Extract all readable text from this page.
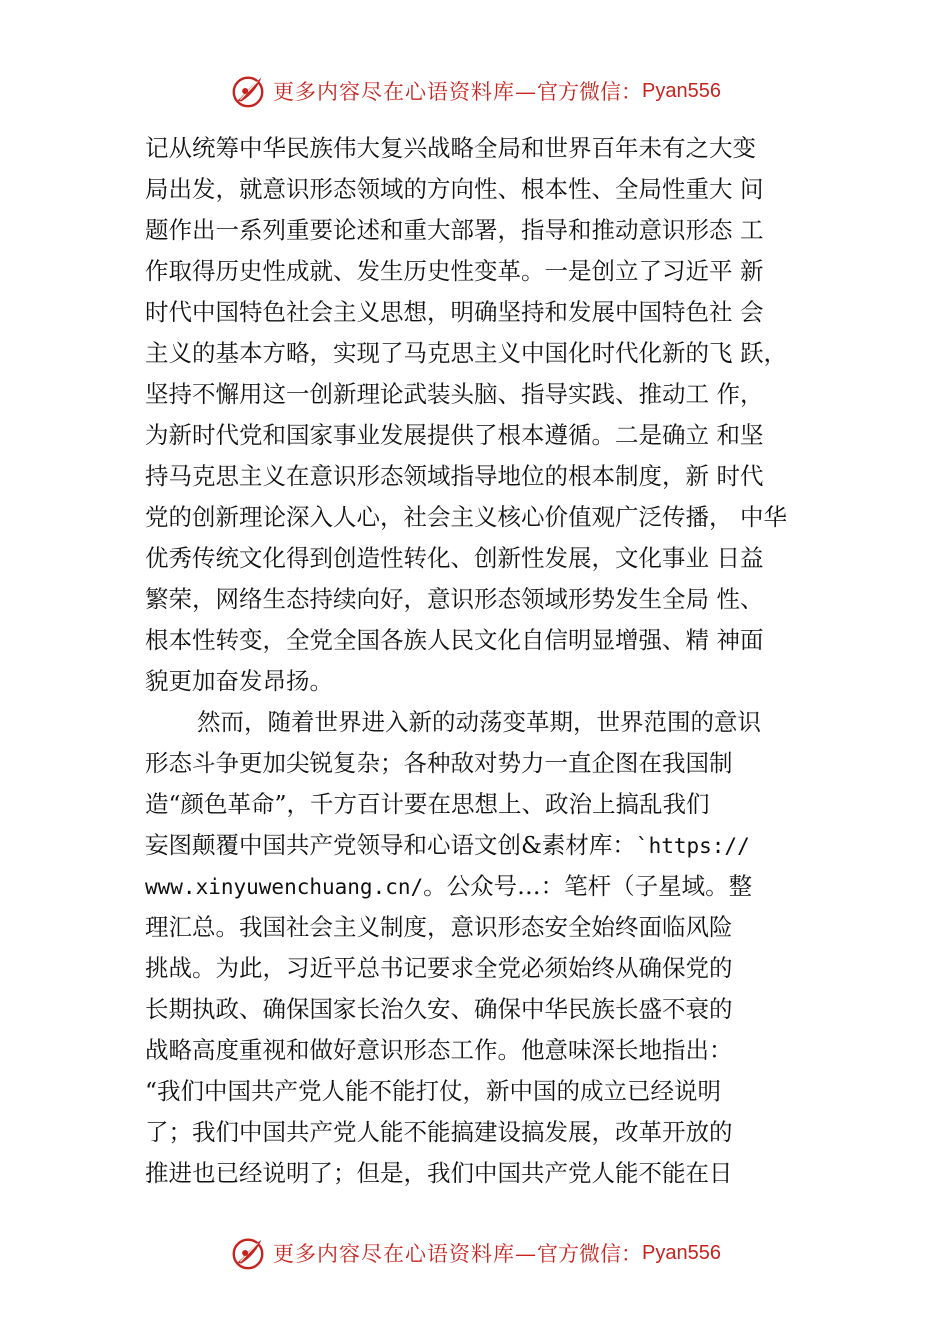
更多内容尽在心语资料库— 官方微信： Pyan556
记从统筹中华民族伟大复兴战略全局和世界百年未有之大变
局出发，就意识形态领域的方向性、根本性、全局性重大 问
题作出一系列重要论述和重大部署，指导和推动意识形态 工
作取得历史性成就、发生历史性变革。一是创立了习近平 新
时代中国特色社会主义思想，明确坚持和发展中国特色社 会
主义的基本方略，实现了马克思主义中国化时代化新的飞 跃，
坚持不懈用这一创新理论武装头脑、指导实践、推动工 作，
为新时代党和国家事业发展提供了根本遵循。二是确立 和坚
持马克思主义在意识形态领域指导地位的根本制度，新 时代
党的创新理论深入人心，社会主义核心价值观广泛传播， 中华
优秀传统文化得到创造性转化、创新性发展，文化事业 日益
繁荣，网络生态持续向好，意识形态领域形势发生全局 性、
根本性转变，全党全国各族人民文化自信明显增强、精 神面
貌更加奋发昂扬。
然而，随着世界进入新的动荡变革期，世界范围的意识
形态斗争更加尖锐复杂；各种敌对势力一直企图在我国制
造“颜色革命”，千方百计要在思想上、政治上搞乱我们
妄图颠覆中国共产党领导和心语文创&素材库：`https://
www.xinyuwenchuang.cn/。公众号…：笔杆（子星域。整
理汇总。我国社会主义制度，意识形态安全始终面临风险
挑战。为此，习近平总书记要求全党必须始终从确保党的
长期执政、确保国家长治久安、确保中华民族长盛不衰的
战略高度重视和做好意识形态工作。他意味深长地指出：
“我们中国共产党人能不能打仗，新中国的成立已经说明
了；我们中国共产党人能不能搞建设搞发展，改革开放的
推进也已经说明了；但是，我们中国共产党人能不能在日
更多内容尽在心语资料库— 官方微信： Pyan556
